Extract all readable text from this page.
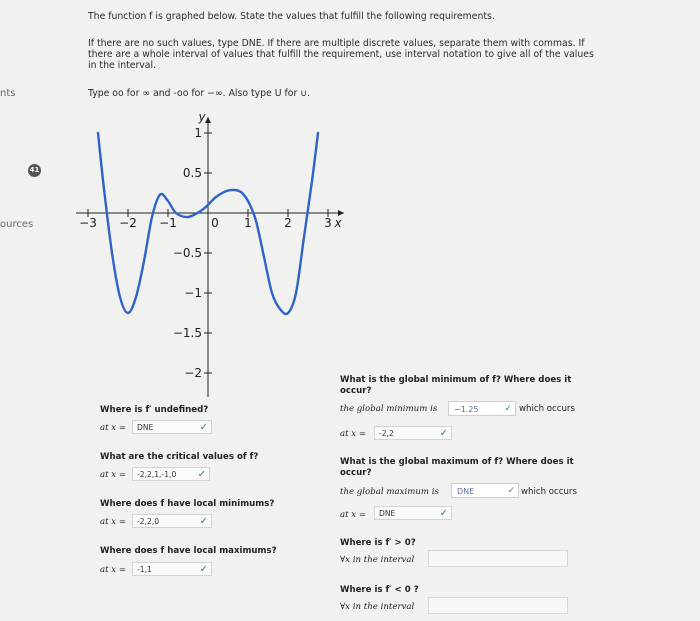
nts
41
ources
The function f is graphed below. State the values that fulfill the following requirements.
If there are no such values, type DNE. If there are multiple discrete values, separate them with commas. If there are a whole interval of values that fulfill the requirement, use interval notation to give all of the values in the interval.
Type oo for ∞ and -oo for −∞. Also type U for ∪.
x
y
−3 −2 −1	0 1	2	3
1
0.5
−0.5
−1
−1.5
−2
Where is f′ undefined?
at x =	DNE	✓
What are the critical values of f?
at x =	-2,2,1,-1,0 ✓
Where does f have local minimums?
at x =	-2,2,0	✓
Where does f have local maximums?
at x =	-1,1	✓
What is the global minimum of f? Where does it occur?
the global minimum is	−1.25	✓ which occurs
at x =	-2,2	✓
What is the global maximum of f? Where does it occur?
the global maximum is	DNE	✓ which occurs
at x =	DNE	✓
Where is f′ > 0?
∀x in the interval
Where is f′ < 0 ?
∀x in the interval
